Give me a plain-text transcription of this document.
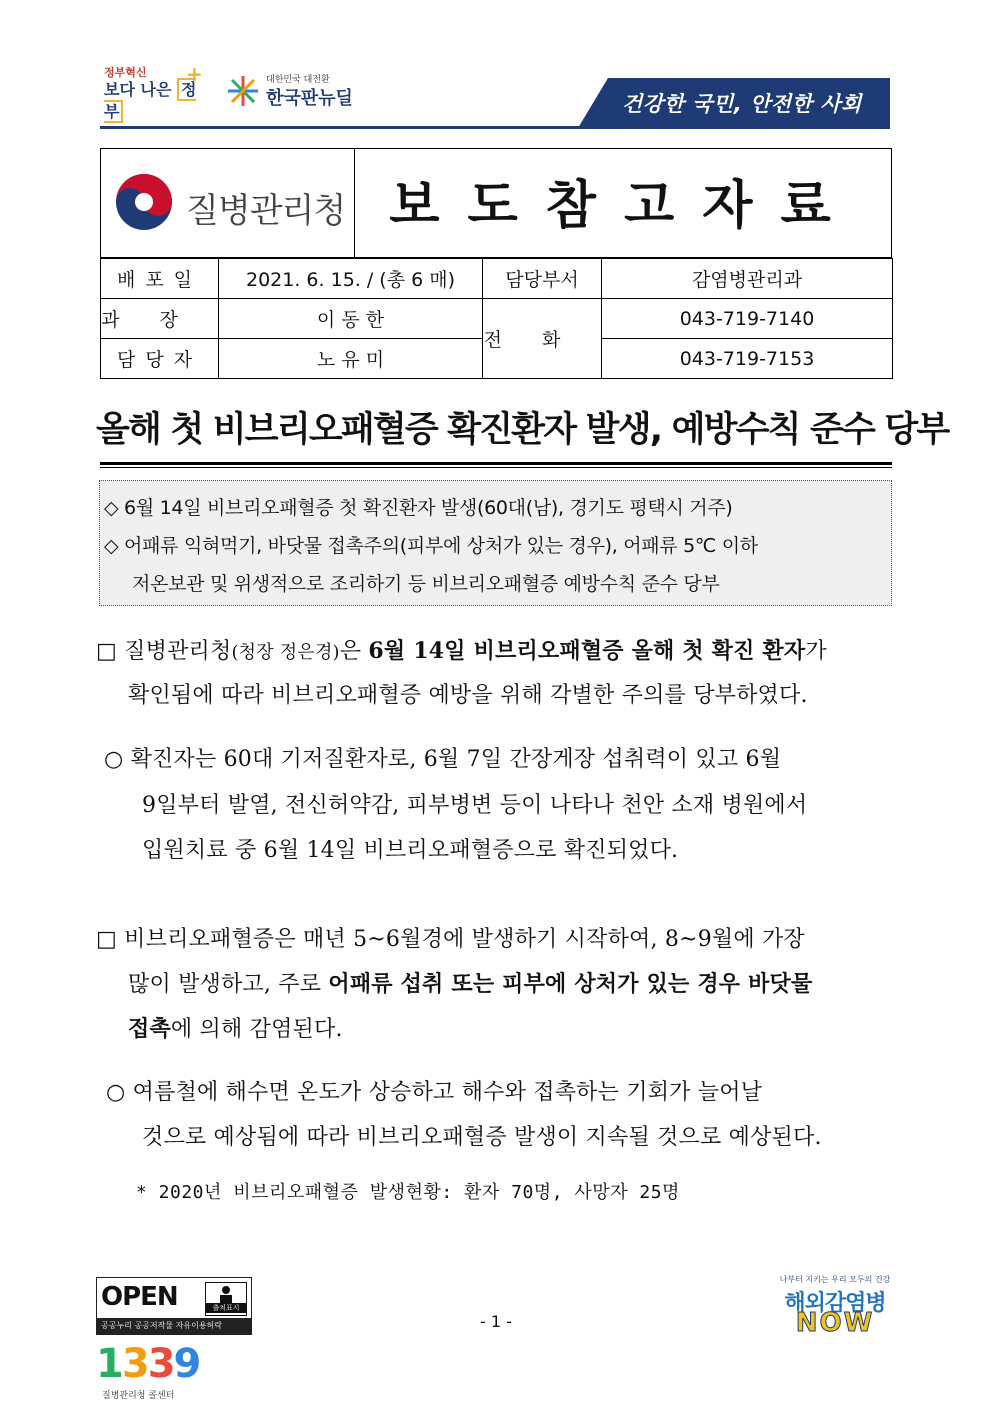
정부혁신
보다 나은 정부
+	대한민국 대전환
한국판뉴딜	건강한 국민, 안전한 사회
질병관리청 보도참고자료
배포일	2021. 6. 15. / (총 6 매)	담당부서	감염병관리과
과장	이 동 한	전화	043-719-7140
담당자	노 유 미		043-719-7153
올해 첫 비브리오패혈증 확진환자 발생, 예방수칙 준수 당부
◇ 6월 14일 비브리오패혈증 첫 확진환자 발생(60대(남), 경기도 평택시 거주)
◇ 어패류 익혀먹기, 바닷물 접촉주의(피부에 상처가 있는 경우), 어패류 5℃ 이하
저온보관 및 위생적으로 조리하기 등 비브리오패혈증 예방수칙 준수 당부
□ 질병관리청(청장 정은경)은 6월 14일 비브리오패혈증 올해 첫 확진 환자가
확인됨에 따라 비브리오패혈증 예방을 위해 각별한 주의를 당부하였다.
○ 확진자는 60대 기저질환자로, 6월 7일 간장게장 섭취력이 있고 6월
9일부터 발열, 전신허약감, 피부병변 등이 나타나 천안 소재 병원에서
입원치료 중 6월 14일 비브리오패혈증으로 확진되었다.
□ 비브리오패혈증은 매년 5~6월경에 발생하기 시작하여, 8~9월에 가장
많이 발생하고, 주로 어패류 섭취 또는 피부에 상처가 있는 경우 바닷물
접촉에 의해 감염된다.
○ 여름철에 해수면 온도가 상승하고 해수와 접촉하는 기회가 늘어날
것으로 예상됨에 따라 비브리오패혈증 발생이 지속될 것으로 예상된다.
* 2020년 비브리오패혈증 발생현황: 환자 70명, 사망자 25명
OPEN	출처표시
공공누리 공공저작물 자유이용허락	- 1 -
나부터 지키는 우리 모두의 건강
해외감염병
NOW
1339
질병관리청 콜센터
